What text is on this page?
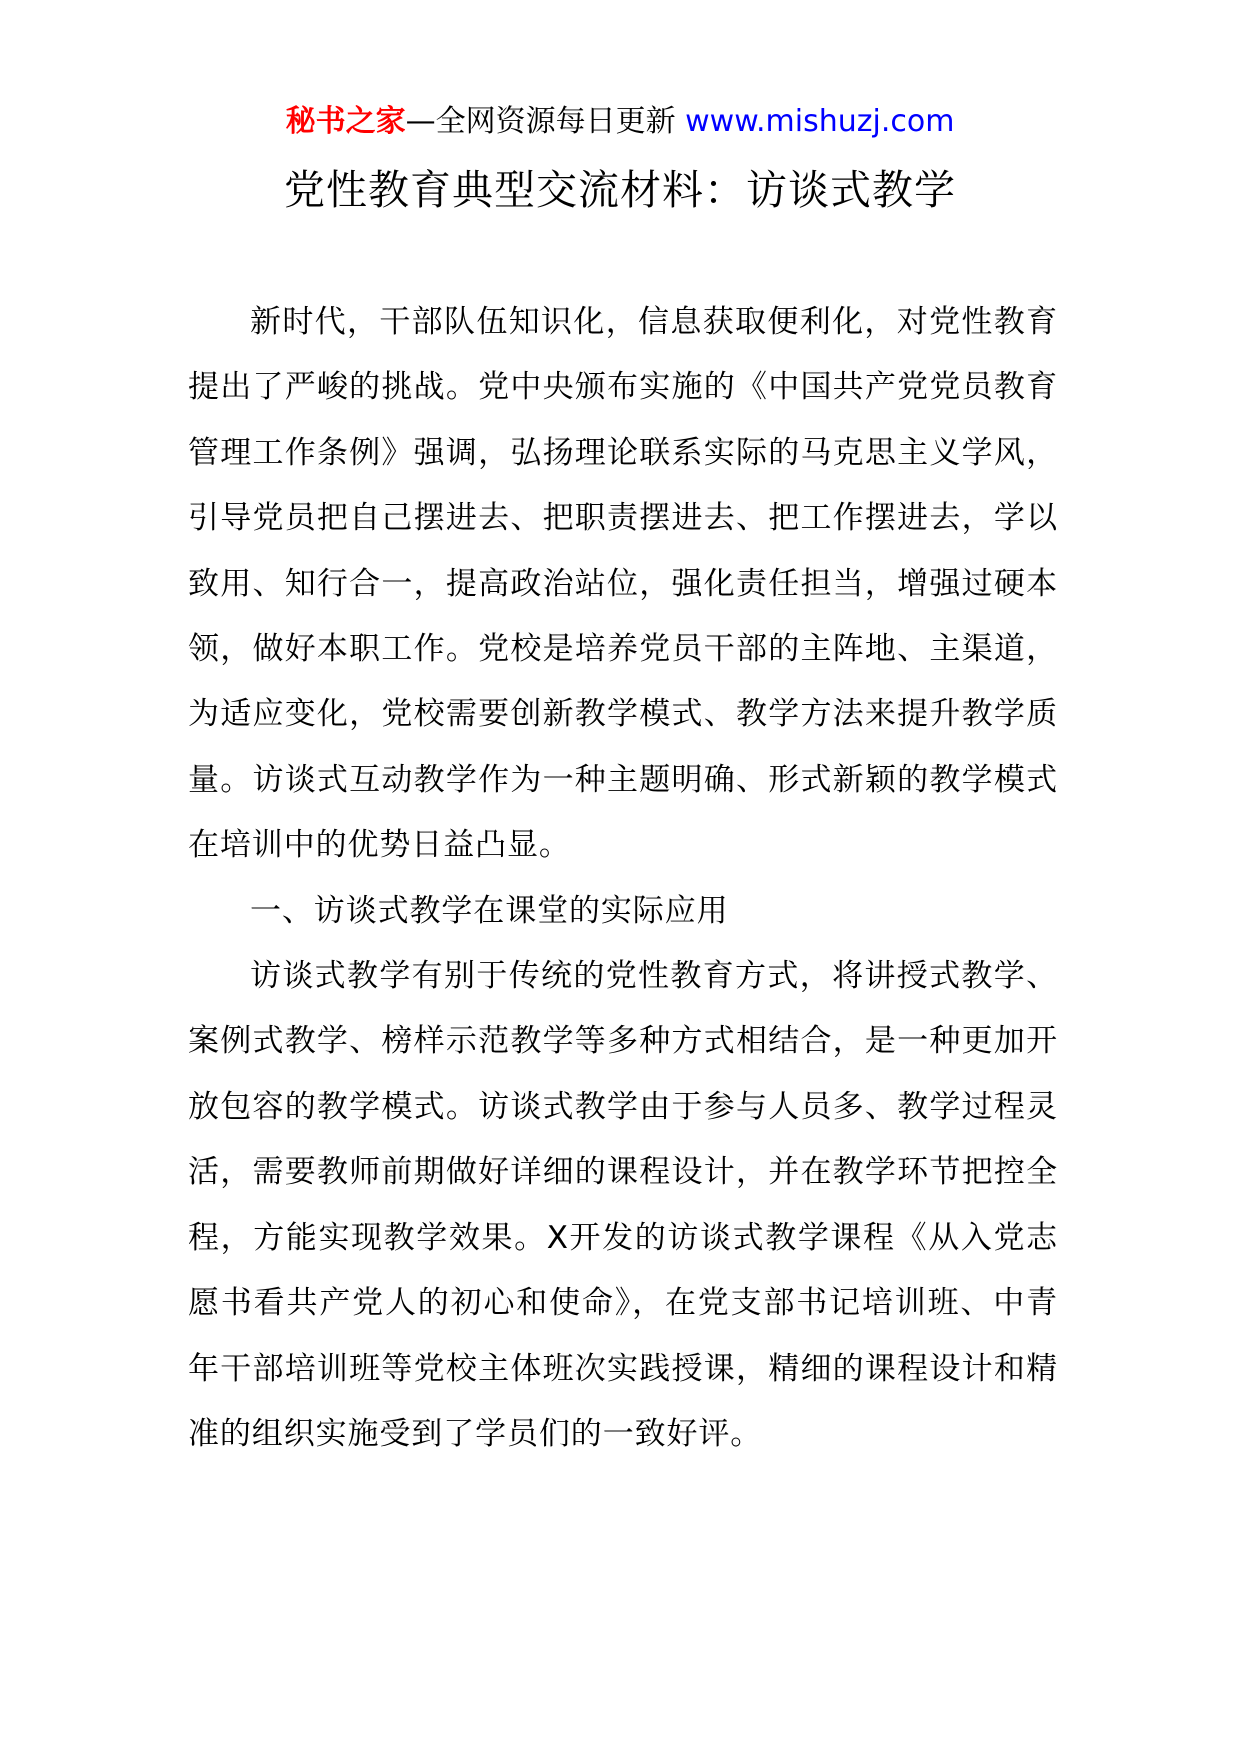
秘书之家—全网资源每日更新 www.mishuzj.com
党性教育典型交流材料：访谈式教学

新时代，干部队伍知识化，信息获取便利化，对党性教育提出了严峻的挑战。党中央颁布实施的《中国共产党党员教育管理工作条例》强调，弘扬理论联系实际的马克思主义学风，引导党员把自己摆进去、把职责摆进去、把工作摆进去，学以致用、知行合一，提高政治站位，强化责任担当，增强过硬本领，做好本职工作。党校是培养党员干部的主阵地、主渠道，为适应变化，党校需要创新教学模式、教学方法来提升教学质量。访谈式互动教学作为一种主题明确、形式新颖的教学模式在培训中的优势日益凸显。

一、访谈式教学在课堂的实际应用

访谈式教学有别于传统的党性教育方式，将讲授式教学、案例式教学、榜样示范教学等多种方式相结合，是一种更加开放包容的教学模式。访谈式教学由于参与人员多、教学过程灵活，需要教师前期做好详细的课程设计，并在教学环节把控全程，方能实现教学效果。X开发的访谈式教学课程《从入党志愿书看共产党人的初心和使命》，在党支部书记培训班、中青年干部培训班等党校主体班次实践授课，精细的课程设计和精准的组织实施受到了学员们的一致好评。
